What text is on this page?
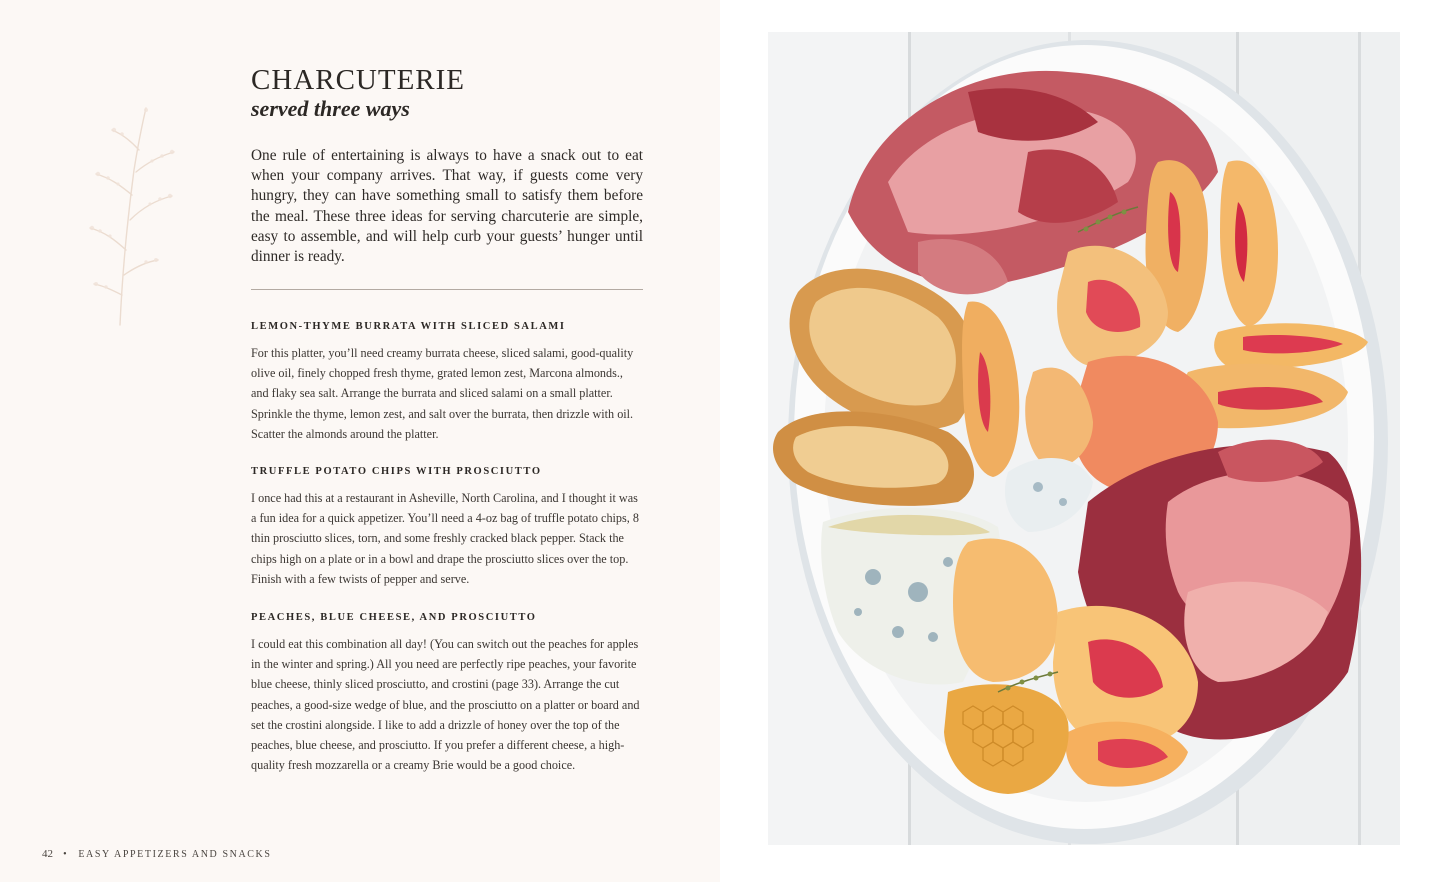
CHARCUTERIE
served three ways

One rule of entertaining is always to have a snack out to eat when your company arrives. That way, if guests come very hungry, they can have something small to satisfy them before the meal. These three ideas for serving charcuterie are simple, easy to assemble, and will help curb your guests’ hunger until dinner is ready.

LEMON-THYME BURRATA WITH SLICED SALAMI

For this platter, you’ll need creamy burrata cheese, sliced salami, good-quality olive oil, finely chopped fresh thyme, grated lemon zest, Marcona almonds., and flaky sea salt. Arrange the burrata and sliced salami on a small platter. Sprinkle the thyme, lemon zest, and salt over the burrata, then drizzle with oil. Scatter the almonds around the platter.

TRUFFLE POTATO CHIPS WITH PROSCIUTTO

I once had this at a restaurant in Asheville, North Carolina, and I thought it was a fun idea for a quick appetizer. You’ll need a 4-oz bag of truffle potato chips, 8 thin prosciutto slices, torn, and some freshly cracked black pepper. Stack the chips high on a plate or in a bowl and drape the prosciutto slices over the top. Finish with a few twists of pepper and serve.

PEACHES, BLUE CHEESE, AND PROSCIUTTO

I could eat this combination all day! (You can switch out the peaches for apples in the winter and spring.) All you need are perfectly ripe peaches, your favorite blue cheese, thinly sliced prosciutto, and crostini (page 33). Arrange the cut peaches, a good-size wedge of blue, and the prosciutto on a platter or board and set the crostini alongside. I like to add a drizzle of honey over the top of the peaches, blue cheese, and prosciutto. If you prefer a different cheese, a high-quality fresh mozzarella or a creamy Brie would be a good choice.

42 • EASY APPETIZERS AND SNACKS
